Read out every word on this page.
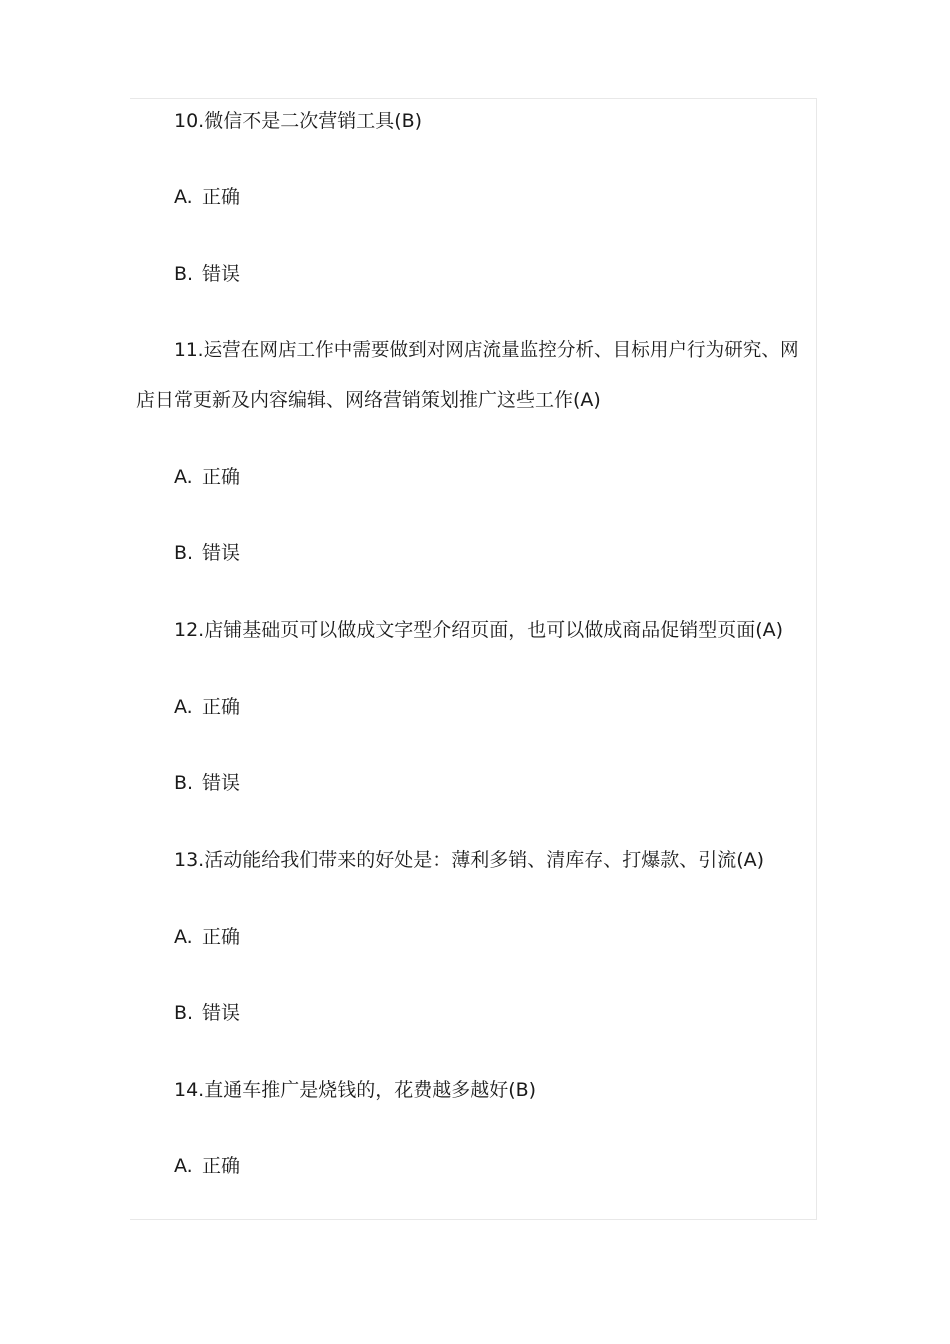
10.微信不是二次营销工具(B)
A. 正确
B. 错误
11.运营在网店工作中需要做到对网店流量监控分析、目标用户行为研究、网
店日常更新及内容编辑、网络营销策划推广这些工作(A)
A. 正确
B. 错误
12.店铺基础页可以做成文字型介绍页面，也可以做成商品促销型页面(A)
A. 正确
B. 错误
13.活动能给我们带来的好处是：薄利多销、清库存、打爆款、引流(A)
A. 正确
B. 错误
14.直通车推广是烧钱的，花费越多越好(B)
A. 正确
